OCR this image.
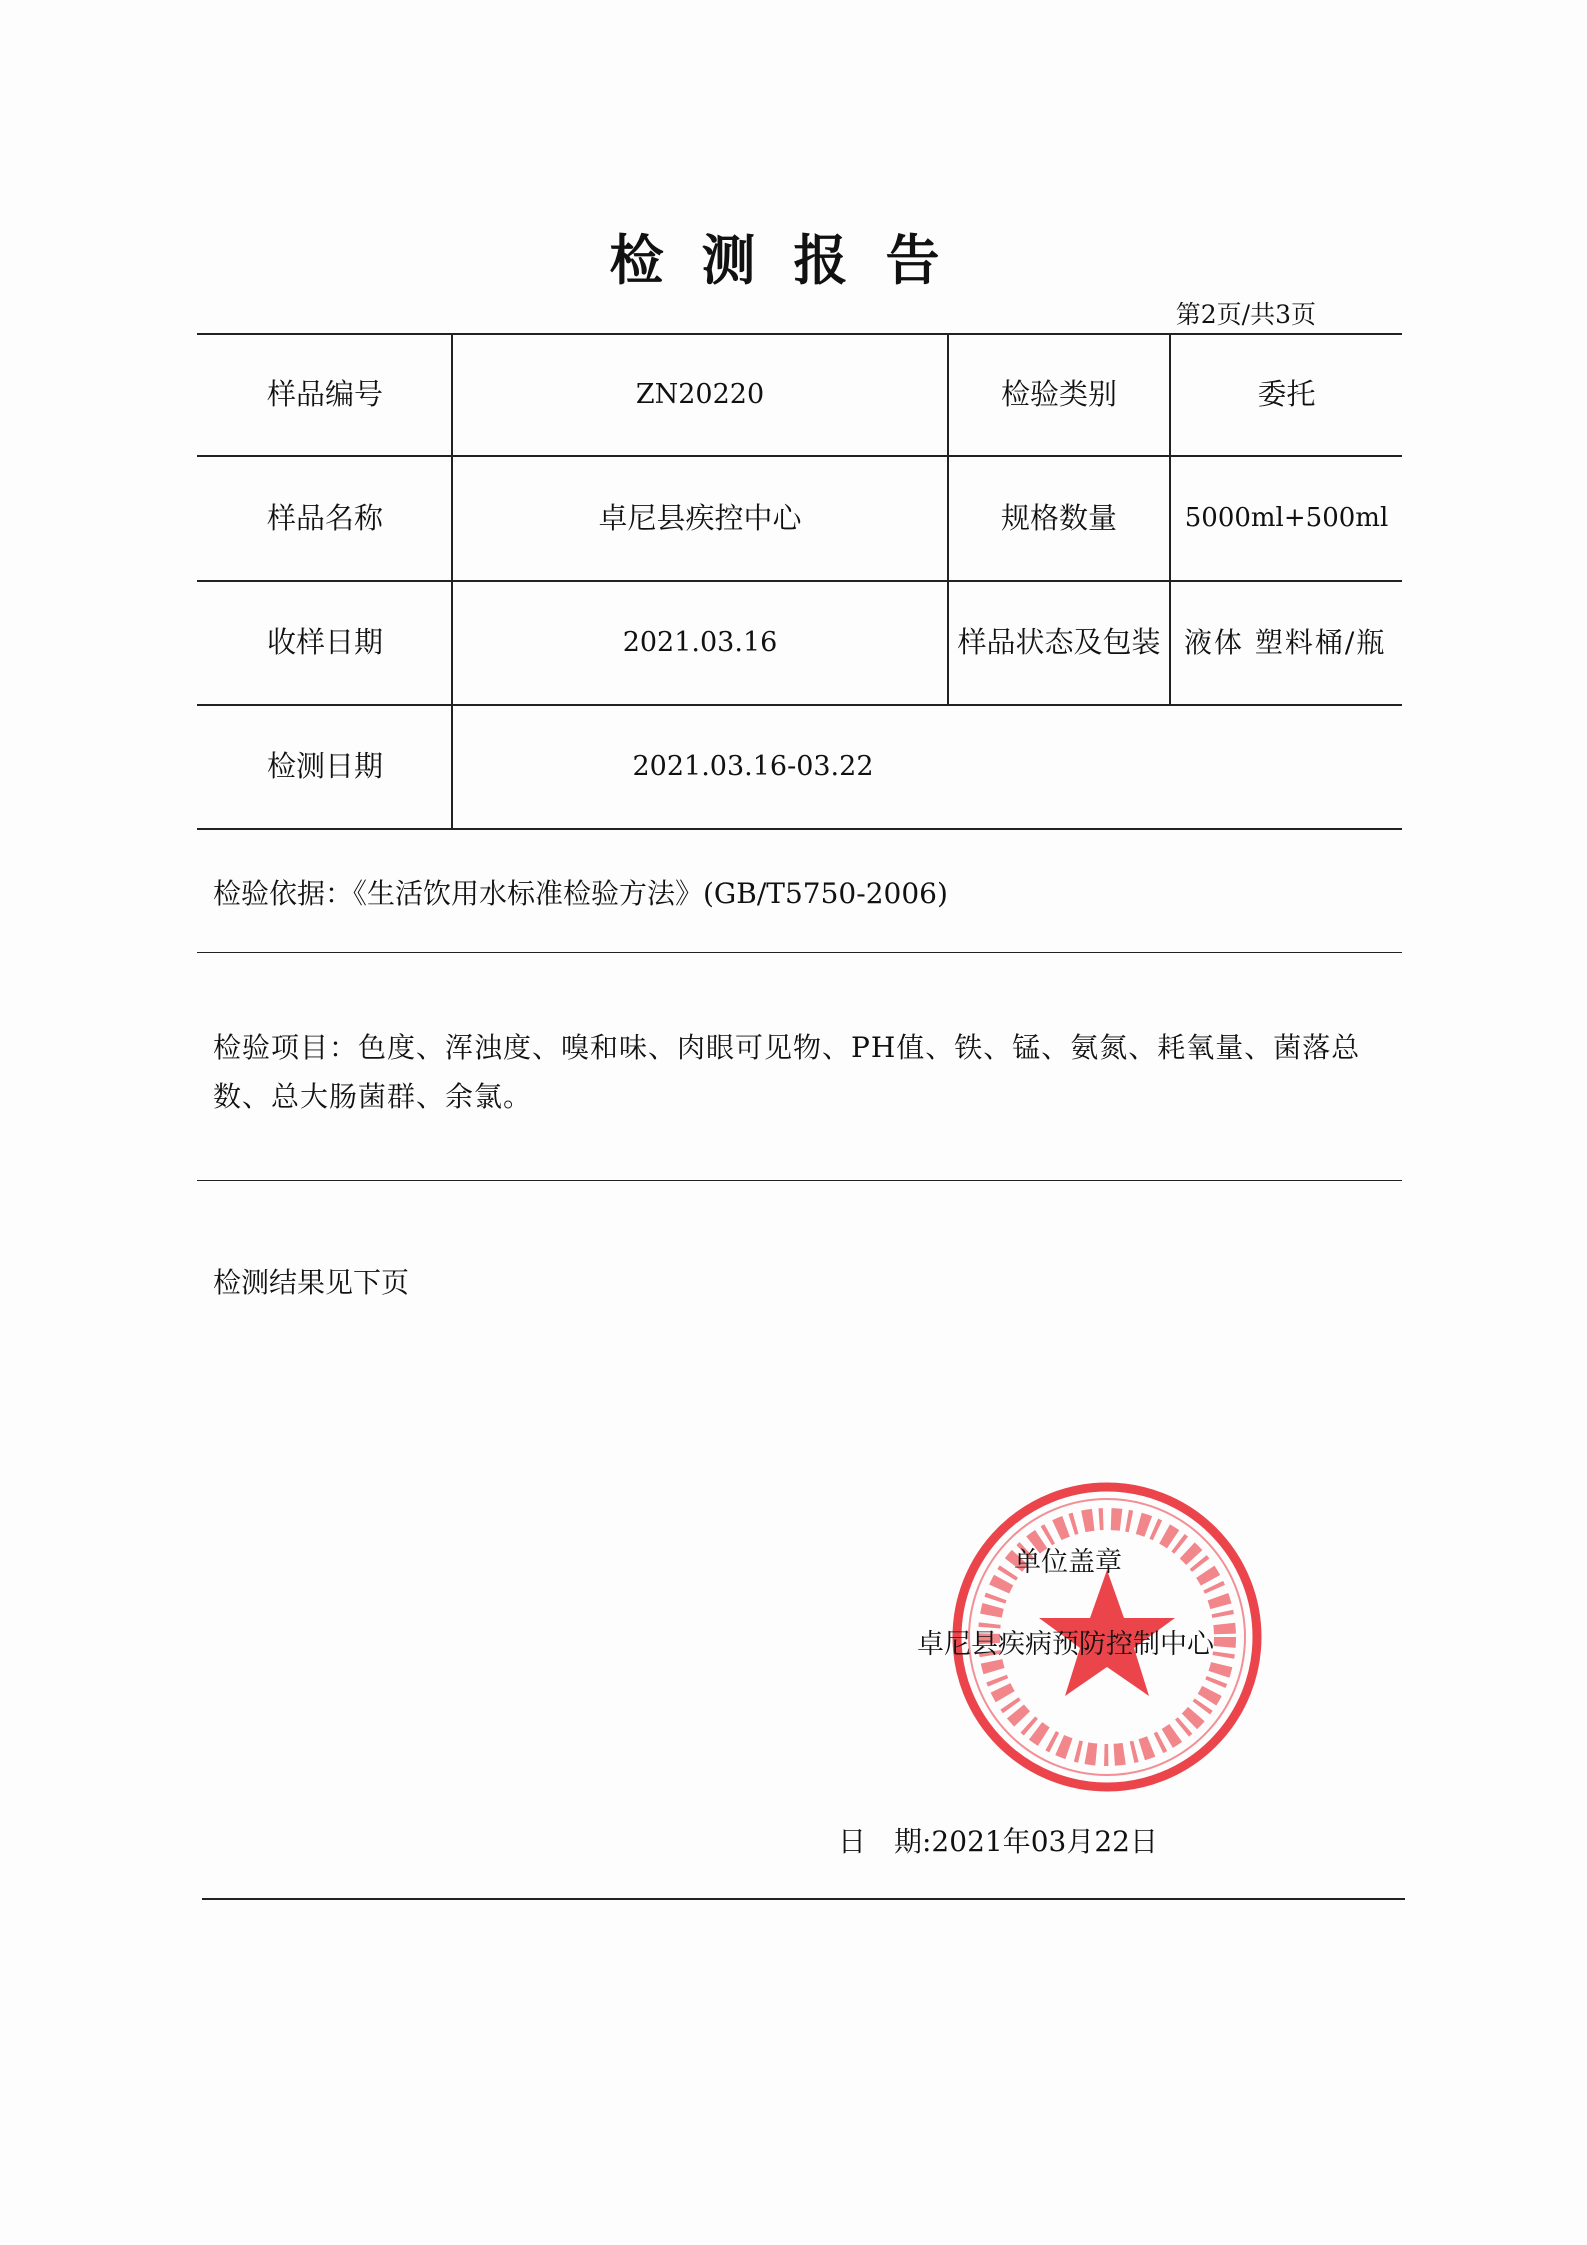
检测报告
第2页/共3页
样品编号	ZN20220	检验类别	委托
样品名称	卓尼县疾控中心	规格数量	5000ml+500ml
收样日期	2021.03.16	样品状态及包装 液体 塑料桶/瓶
检测日期	2021.03.16-03.22
检验依据：《生活饮用水标准检验方法》(GB/T5750-2006)
检验项目：色度、浑浊度、嗅和味、肉眼可见物、PH值、铁、锰、氨氮、耗氧量、菌落总数、总大肠菌群、余氯。
检测结果见下页
单位盖章
卓尼县疾病预防控制中心
日　期:2021年03月22日
